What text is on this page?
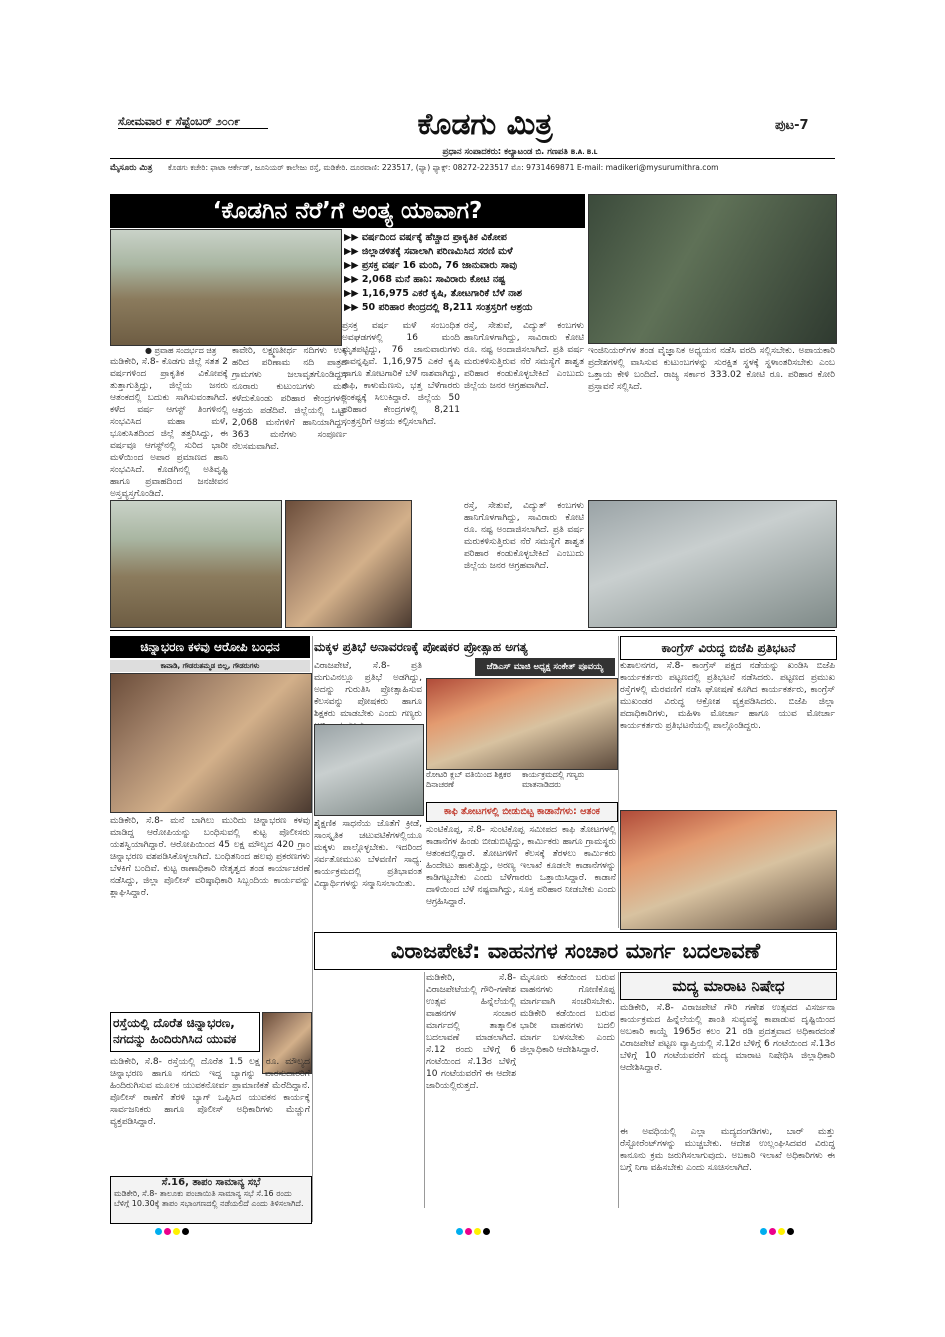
ಸೋಮವಾರ ೯ ಸೆಪ್ಟೆಂಬರ್ ೨೦೧೯	ಕೊಡಗು ಮಿತ್ರ	ಪುಟ-7
ಪ್ರಧಾನ ಸಂಪಾದಕರು: ಕಲ್ಯಾಟಂಡ ಬಿ. ಗಣಪತಿ B.A. B.L
ಮೈಸೂರು ಮಿತ್ರ ಕೊಡಗು ಕಚೇರಿ: ಫಾಟಾ ಆರ್ಕೇಡ್, ಜೂನಿಯರ್ ಕಾಲೇಜು ರಸ್ತೆ, ಮಡಿಕೇರಿ. ದೂರವಾಣಿ: 223517, (ಫ್ಯಾ) ಫ್ಯಾಕ್ಸ್: 08272-223517 ಮೊ: 9731469871 E-mail: madikeri@mysurumithra.com
‘ಕೊಡಗಿನ ನೆರೆ’ಗೆ ಅಂತ್ಯ ಯಾವಾಗ?
▶▶ ವರ್ಷದಿಂದ ವರ್ಷಕ್ಕೆ ಹೆಚ್ಚಾದ ಪ್ರಾಕೃತಿಕ ವಿಕೋಪ
▶▶ ಜಿಲ್ಲಾಡಳಿತಕ್ಕೆ ಸವಾಲಾಗಿ ಪರಿಣಮಿಸಿದ ಸರಣಿ ಮಳೆ
▶▶ ಪ್ರಸಕ್ತ ವರ್ಷ 16 ಮಂದಿ, 76 ಜಾನುವಾರು ಸಾವು
▶▶ 2,068 ಮನೆ ಹಾನಿ: ಸಾವಿರಾರು ಕೋಟಿ ನಷ್ಟ
▶▶ 1,16,975 ಎಕರೆ ಕೃಷಿ, ತೋಟಗಾರಿಕೆ ಬೆಳೆ ನಾಶ
▶▶ 50 ಪರಿಹಾರ ಕೇಂದ್ರದಲ್ಲಿ 8,211 ಸಂತ್ರಸ್ತರಿಗೆ ಆಶ್ರಯ
● ಪ್ರವಾಹ ಸಂದರ್ಭದ ಚಿತ್ರ
ಮಡಿಕೇರಿ, ಸೆ.8- ಕೊಡಗು ಜಿಲ್ಲೆ ಸತತ 2 ವರ್ಷಗಳಿಂದ ಪ್ರಾಕೃತಿಕ ವಿಕೋಪಕ್ಕೆ ತುತ್ತಾಗುತ್ತಿದ್ದು, ಜಿಲ್ಲೆಯ ಜನರು ಆತಂಕದಲ್ಲಿ ಬದುಕು ಸಾಗಿಸುವಂತಾಗಿದೆ. ಕಳೆದ ವರ್ಷ ಆಗಸ್ಟ್ ತಿಂಗಳಿನಲ್ಲಿ ಸಂಭವಿಸಿದ ಮಹಾ ಮಳೆ, ಭೂಕುಸಿತದಿಂದ ಜಿಲ್ಲೆ ತತ್ತರಿಸಿದ್ದು, ಈ ವರ್ಷವೂ ಆಗಸ್ಟ್‌ನಲ್ಲಿ ಸುರಿದ ಭಾರೀ ಮಳೆಯಿಂದ ಅಪಾರ ಪ್ರಮಾಣದ ಹಾನಿ ಸಂಭವಿಸಿದೆ. ಕೊಡಗಿನಲ್ಲಿ ಅತಿವೃಷ್ಟಿ ಹಾಗೂ ಪ್ರವಾಹದಿಂದ ಜನಜೀವನ ಅಸ್ತವ್ಯಸ್ತಗೊಂಡಿದೆ.
ಕಾವೇರಿ, ಲಕ್ಷ್ಮಣತೀರ್ಥ ನದಿಗಳು ಉಕ್ಕಿ ಹರಿದ ಪರಿಣಾಮ ನದಿ ಪಾತ್ರದ ಗ್ರಾಮಗಳು ಜಲಾವೃತಗೊಂಡಿದ್ದು, ನೂರಾರು ಕುಟುಂಬಗಳು ಮನೆ ಕಳೆದುಕೊಂಡು ಪರಿಹಾರ ಕೇಂದ್ರಗಳಲ್ಲಿ ಆಶ್ರಯ ಪಡೆದಿವೆ. ಜಿಲ್ಲೆಯಲ್ಲಿ ಒಟ್ಟು 2,068 ಮನೆಗಳಿಗೆ ಹಾನಿಯಾಗಿದ್ದು, 363 ಮನೆಗಳು ಸಂಪೂರ್ಣ ನೆಲಸಮವಾಗಿವೆ.
ಪ್ರಸಕ್ತ ವರ್ಷ ಮಳೆ ಸಂಬಂಧಿತ ಅವಘಡಗಳಲ್ಲಿ 16 ಮಂದಿ ಮೃತಪಟ್ಟಿದ್ದು, 76 ಜಾನುವಾರುಗಳು ಸಾವನ್ನಪ್ಪಿವೆ. 1,16,975 ಎಕರೆ ಕೃಷಿ ಹಾಗೂ ತೋಟಗಾರಿಕೆ ಬೆಳೆ ನಾಶವಾಗಿದ್ದು, ಕಾಫಿ, ಕಾಳುಮೆಣಸು, ಭತ್ತ ಬೆಳೆಗಾರರು ಸಂಕಷ್ಟಕ್ಕೆ ಸಿಲುಕಿದ್ದಾರೆ. ಜಿಲ್ಲೆಯ 50 ಪರಿಹಾರ ಕೇಂದ್ರಗಳಲ್ಲಿ 8,211 ಸಂತ್ರಸ್ತರಿಗೆ ಆಶ್ರಯ ಕಲ್ಪಿಸಲಾಗಿದೆ.
ರಸ್ತೆ, ಸೇತುವೆ, ವಿದ್ಯುತ್ ಕಂಬಗಳು ಹಾನಿಗೊಳಗಾಗಿದ್ದು, ಸಾವಿರಾರು ಕೋಟಿ ರೂ. ನಷ್ಟ ಅಂದಾಜಿಸಲಾಗಿದೆ. ಪ್ರತಿ ವರ್ಷ ಮರುಕಳಿಸುತ್ತಿರುವ ನೆರೆ ಸಮಸ್ಯೆಗೆ ಶಾಶ್ವತ ಪರಿಹಾರ ಕಂಡುಕೊಳ್ಳಬೇಕಿದೆ ಎಂಬುದು ಜಿಲ್ಲೆಯ ಜನರ ಆಗ್ರಹವಾಗಿದೆ.
ಇಂಜಿನಿಯರ್‌ಗಳ ತಂಡ ವೈಜ್ಞಾನಿಕ ಅಧ್ಯಯನ ನಡೆಸಿ ವರದಿ ಸಲ್ಲಿಸಬೇಕು. ಅಪಾಯಕಾರಿ ಪ್ರದೇಶಗಳಲ್ಲಿ ವಾಸಿಸುವ ಕುಟುಂಬಗಳನ್ನು ಸುರಕ್ಷಿತ ಸ್ಥಳಕ್ಕೆ ಸ್ಥಳಾಂತರಿಸಬೇಕು ಎಂಬ ಒತ್ತಾಯ ಕೇಳಿ ಬಂದಿದೆ. ರಾಜ್ಯ ಸರ್ಕಾರ 333.02 ಕೋಟಿ ರೂ. ಪರಿಹಾರ ಕೋರಿ ಪ್ರಸ್ತಾವನೆ ಸಲ್ಲಿಸಿದೆ.
ರಸ್ತೆ, ಸೇತುವೆ, ವಿದ್ಯುತ್ ಕಂಬಗಳು ಹಾನಿಗೊಳಗಾಗಿದ್ದು, ಸಾವಿರಾರು ಕೋಟಿ ರೂ. ನಷ್ಟ ಅಂದಾಜಿಸಲಾಗಿದೆ. ಪ್ರತಿ ವರ್ಷ ಮರುಕಳಿಸುತ್ತಿರುವ ನೆರೆ ಸಮಸ್ಯೆಗೆ ಶಾಶ್ವತ ಪರಿಹಾರ ಕಂಡುಕೊಳ್ಳಬೇಕಿದೆ ಎಂಬುದು ಜಿಲ್ಲೆಯ ಜನರ ಆಗ್ರಹವಾಗಿದೆ.
ಚಿನ್ನಾಭರಣ ಕಳವು ಆರೋಪಿ ಬಂಧನ
ಕಾವಾಡಿ, ಗೌಡರುತಮ್ಮಡ ಬಿಲ್ಲ, ಗೌಡರುಗಳು
ಮಡಿಕೇರಿ, ಸೆ.8- ಮನೆ ಬಾಗಿಲು ಮುರಿದು ಚಿನ್ನಾಭರಣ ಕಳವು ಮಾಡಿದ್ದ ಆರೋಪಿಯನ್ನು ಬಂಧಿಸುವಲ್ಲಿ ಕುಟ್ಟ ಪೊಲೀಸರು ಯಶಸ್ವಿಯಾಗಿದ್ದಾರೆ. ಆರೋಪಿಯಿಂದ 45 ಲಕ್ಷ ಮೌಲ್ಯದ 420 ಗ್ರಾಂ ಚಿನ್ನಾಭರಣ ವಶಪಡಿಸಿಕೊಳ್ಳಲಾಗಿದೆ. ಬಂಧಿತನಿಂದ ಹಲವು ಪ್ರಕರಣಗಳು ಬೆಳಕಿಗೆ ಬಂದಿವೆ. ಕುಟ್ಟ ಠಾಣಾಧಿಕಾರಿ ನೇತೃತ್ವದ ತಂಡ ಕಾರ್ಯಾಚರಣೆ ನಡೆಸಿದ್ದು, ಜಿಲ್ಲಾ ಪೊಲೀಸ್ ವರಿಷ್ಠಾಧಿಕಾರಿ ಸಿಬ್ಬಂದಿಯ ಕಾರ್ಯವನ್ನು ಶ್ಲಾಘಿಸಿದ್ದಾರೆ.
ರಸ್ತೆಯಲ್ಲಿ ದೊರೆತ ಚಿನ್ನಾಭರಣ, ನಗದನ್ನು ಹಿಂದಿರುಗಿಸಿದ ಯುವಕ
ಮಡಿಕೇರಿ, ಸೆ.8- ರಸ್ತೆಯಲ್ಲಿ ದೊರೆತ 1.5 ಲಕ್ಷ ರೂ. ಮೌಲ್ಯದ ಚಿನ್ನಾಭರಣ ಹಾಗೂ ನಗದು ಇದ್ದ ಬ್ಯಾಗನ್ನು ವಾರಸುದಾರರಿಗೆ ಹಿಂದಿರುಗಿಸುವ ಮೂಲಕ ಯುವಕನೋರ್ವ ಪ್ರಾಮಾಣಿಕತೆ ಮೆರೆದಿದ್ದಾನೆ. ಪೊಲೀಸ್ ಠಾಣೆಗೆ ತೆರಳಿ ಬ್ಯಾಗ್ ಒಪ್ಪಿಸಿದ ಯುವಕನ ಕಾರ್ಯಕ್ಕೆ ಸಾರ್ವಜನಿಕರು ಹಾಗೂ ಪೊಲೀಸ್ ಅಧಿಕಾರಿಗಳು ಮೆಚ್ಚುಗೆ ವ್ಯಕ್ತಪಡಿಸಿದ್ದಾರೆ.
ಸೆ.16, ತಾಪಂ ಸಾಮಾನ್ಯ ಸಭೆ
ಮಡಿಕೇರಿ, ಸೆ.8- ತಾಲೂಕು ಪಂಚಾಯಿತಿ ಸಾಮಾನ್ಯ ಸಭೆ ಸೆ.16 ರಂದು ಬೆಳಿಗ್ಗೆ 10.30ಕ್ಕೆ ತಾಪಂ ಸಭಾಂಗಣದಲ್ಲಿ ನಡೆಯಲಿದೆ ಎಂದು ತಿಳಿಸಲಾಗಿದೆ.
ಮಕ್ಕಳ ಪ್ರತಿಭೆ ಅನಾವರಣಕ್ಕೆ ಪೋಷಕರ ಪ್ರೋತ್ಸಾಹ ಅಗತ್ಯ
ವಿರಾಜಪೇಟೆ, ಸೆ.8- ಪ್ರತಿ ಮಗುವಿನಲ್ಲೂ ಪ್ರತಿಭೆ ಅಡಗಿದ್ದು, ಅದನ್ನು ಗುರುತಿಸಿ ಪ್ರೋತ್ಸಾಹಿಸುವ ಕೆಲಸವನ್ನು ಪೋಷಕರು ಹಾಗೂ ಶಿಕ್ಷಕರು ಮಾಡಬೇಕು ಎಂದು ಗಣ್ಯರು
ಜೆಡಿಎಸ್ ಮಾಜಿ ಅಧ್ಯಕ್ಷ ಸಂಕೇತ್ ಪೂವಯ್ಯ
ರೋಟರಿ ಕ್ಲಬ್ ವತಿಯಿಂದ ಶಿಕ್ಷಕರ ದಿನಾಚರಣೆ
ಕಾರ್ಯಕ್ರಮದಲ್ಲಿ ಗಣ್ಯರು ಮಾತನಾಡಿದರು
ಶೈಕ್ಷಣಿಕ ಸಾಧನೆಯ ಜೊತೆಗೆ ಕ್ರೀಡೆ, ಸಾಂಸ್ಕೃತಿಕ ಚಟುವಟಿಕೆಗಳಲ್ಲಿಯೂ ಮಕ್ಕಳು ಪಾಲ್ಗೊಳ್ಳಬೇಕು. ಇದರಿಂದ ಸರ್ವತೋಮುಖ ಬೆಳವಣಿಗೆ ಸಾಧ್ಯ. ಕಾರ್ಯಕ್ರಮದಲ್ಲಿ ಪ್ರತಿಭಾವಂತ ವಿದ್ಯಾರ್ಥಿಗಳನ್ನು ಸನ್ಮಾನಿಸಲಾಯಿತು.
ಕಾಫಿ ತೋಟಗಳಲ್ಲಿ ಬೀಡುಬಿಟ್ಟ ಕಾಡಾನೆಗಳು: ಆತಂಕ
ಸುಂಟಿಕೊಪ್ಪ, ಸೆ.8- ಸುಂಟಿಕೊಪ್ಪ ಸಮೀಪದ ಕಾಫಿ ತೋಟಗಳಲ್ಲಿ ಕಾಡಾನೆಗಳ ಹಿಂಡು ಬೀಡುಬಿಟ್ಟಿದ್ದು, ಕಾರ್ಮಿಕರು ಹಾಗೂ ಗ್ರಾಮಸ್ಥರು ಆತಂಕದಲ್ಲಿದ್ದಾರೆ. ತೋಟಗಳಿಗೆ ಕೆಲಸಕ್ಕೆ ತೆರಳಲು ಕಾರ್ಮಿಕರು ಹಿಂದೇಟು ಹಾಕುತ್ತಿದ್ದು, ಅರಣ್ಯ ಇಲಾಖೆ ಕೂಡಲೇ ಕಾಡಾನೆಗಳನ್ನು ಕಾಡಿಗಟ್ಟಬೇಕು ಎಂದು ಬೆಳೆಗಾರರು ಒತ್ತಾಯಿಸಿದ್ದಾರೆ. ಕಾಡಾನೆ ದಾಳಿಯಿಂದ ಬೆಳೆ ನಷ್ಟವಾಗಿದ್ದು, ಸೂಕ್ತ ಪರಿಹಾರ ನೀಡಬೇಕು ಎಂದು ಆಗ್ರಹಿಸಿದ್ದಾರೆ.
ಕಾಂಗ್ರೆಸ್ ವಿರುದ್ಧ ಬಿಜೆಪಿ ಪ್ರತಿಭಟನೆ
ಕುಶಾಲನಗರ, ಸೆ.8- ಕಾಂಗ್ರೆಸ್ ಪಕ್ಷದ ನಡೆಯನ್ನು ಖಂಡಿಸಿ ಬಿಜೆಪಿ ಕಾರ್ಯಕರ್ತರು ಪಟ್ಟಣದಲ್ಲಿ ಪ್ರತಿಭಟನೆ ನಡೆಸಿದರು. ಪಟ್ಟಣದ ಪ್ರಮುಖ ರಸ್ತೆಗಳಲ್ಲಿ ಮೆರವಣಿಗೆ ನಡೆಸಿ ಘೋಷಣೆ ಕೂಗಿದ ಕಾರ್ಯಕರ್ತರು, ಕಾಂಗ್ರೆಸ್ ಮುಖಂಡರ ವಿರುದ್ಧ ಆಕ್ರೋಶ ವ್ಯಕ್ತಪಡಿಸಿದರು. ಬಿಜೆಪಿ ಜಿಲ್ಲಾ ಪದಾಧಿಕಾರಿಗಳು, ಮಹಿಳಾ ಮೋರ್ಚಾ ಹಾಗೂ ಯುವ ಮೋರ್ಚಾ ಕಾರ್ಯಕರ್ತರು ಪ್ರತಿಭಟನೆಯಲ್ಲಿ ಪಾಲ್ಗೊಂಡಿದ್ದರು.
ವಿರಾಜಪೇಟೆ: ವಾಹನಗಳ ಸಂಚಾರ ಮಾರ್ಗ ಬದಲಾವಣೆ
ಮಡಿಕೇರಿ, ಸೆ.8- ವಿರಾಜಪೇಟೆಯಲ್ಲಿ ಗೌರಿ-ಗಣೇಶ ಉತ್ಸವ ಹಿನ್ನೆಲೆಯಲ್ಲಿ ವಾಹನಗಳ ಸಂಚಾರ ಮಾರ್ಗದಲ್ಲಿ ತಾತ್ಕಾಲಿಕ ಬದಲಾವಣೆ ಮಾಡಲಾಗಿದೆ. ಸೆ.12 ರಂದು ಬೆಳಿಗ್ಗೆ 6 ಗಂಟೆಯಿಂದ ಸೆ.13ರ ಬೆಳಿಗ್ಗೆ 10 ಗಂಟೆಯವರೆಗೆ ಈ ಆದೇಶ ಜಾರಿಯಲ್ಲಿರುತ್ತದೆ.
ಮೈಸೂರು ಕಡೆಯಿಂದ ಬರುವ ವಾಹನಗಳು ಗೋಣಿಕೊಪ್ಪ ಮಾರ್ಗವಾಗಿ ಸಂಚರಿಸಬೇಕು. ಮಡಿಕೇರಿ ಕಡೆಯಿಂದ ಬರುವ ಭಾರೀ ವಾಹನಗಳು ಬದಲಿ ಮಾರ್ಗ ಬಳಸಬೇಕು ಎಂದು ಜಿಲ್ಲಾಧಿಕಾರಿ ಆದೇಶಿಸಿದ್ದಾರೆ.
ಮದ್ಯ ಮಾರಾಟ ನಿಷೇಧ
ಮಡಿಕೇರಿ, ಸೆ.8- ವಿರಾಜಪೇಟೆ ಗೌರಿ ಗಣೇಶ ಉತ್ಸವದ ವಿಸರ್ಜನಾ ಕಾರ್ಯಕ್ರಮದ ಹಿನ್ನೆಲೆಯಲ್ಲಿ ಶಾಂತಿ ಸುವ್ಯವಸ್ಥೆ ಕಾಪಾಡುವ ದೃಷ್ಟಿಯಿಂದ ಅಬಕಾರಿ ಕಾಯ್ದೆ 1965ರ ಕಲಂ 21 ರಡಿ ಪ್ರದತ್ತವಾದ ಅಧಿಕಾರದಂತೆ ವಿರಾಜಪೇಟೆ ಪಟ್ಟಣ ವ್ಯಾಪ್ತಿಯಲ್ಲಿ ಸೆ.12ರ ಬೆಳಿಗ್ಗೆ 6 ಗಂಟೆಯಿಂದ ಸೆ.13ರ ಬೆಳಿಗ್ಗೆ 10 ಗಂಟೆಯವರೆಗೆ ಮದ್ಯ ಮಾರಾಟ ನಿಷೇಧಿಸಿ ಜಿಲ್ಲಾಧಿಕಾರಿ ಆದೇಶಿಸಿದ್ದಾರೆ.
ಈ ಅವಧಿಯಲ್ಲಿ ಎಲ್ಲಾ ಮದ್ಯದಂಗಡಿಗಳು, ಬಾರ್ ಮತ್ತು ರೆಸ್ಟೋರೆಂಟ್‌ಗಳನ್ನು ಮುಚ್ಚಬೇಕು. ಆದೇಶ ಉಲ್ಲಂಘಿಸಿದವರ ವಿರುದ್ಧ ಕಾನೂನು ಕ್ರಮ ಜರುಗಿಸಲಾಗುವುದು. ಅಬಕಾರಿ ಇಲಾಖೆ ಅಧಿಕಾರಿಗಳು ಈ ಬಗ್ಗೆ ನಿಗಾ ವಹಿಸಬೇಕು ಎಂದು ಸೂಚಿಸಲಾಗಿದೆ.
